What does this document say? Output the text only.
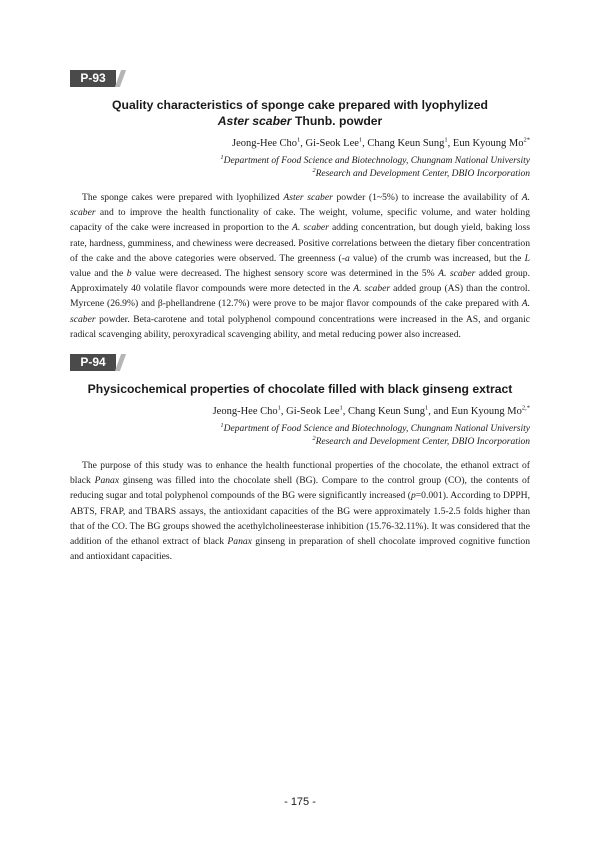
P-93

Quality characteristics of sponge cake prepared with lyophylized
Aster scaber Thunb. powder

Jeong-Hee Cho$^1$, Gi-Seok Lee$^1$, Chang Keun Sung$^1$, Eun Kyoung $Mo^{2*}$

$^1$Department of Food Science and Biotechnology, Chungnam National University

$^2$Research and Development Center, DBIO Incorporation

The sponge cakes were prepared with lyophilized Aster scaber powder (1~5%) to increase the availability of A. scaber and to improve the health functionality of cake. The weight, volume, specific volume, and water holding capacity of the cake were increased in proportion to the A. scaber adding concentration, but dough yield, baking loss rate, hardness, gumminess, and chewiness were decreased. Positive correlations between the dietary fiber concentration of the cake and the above categories were observed. The greenness (-a value) of the crumb was increased, but the L value and the b value were decreased. The highest sensory score was determined in the 5% A. scaber added group. Approximately 40 volatile flavor compounds were more detected in the A. scaber added group (AS) than the control. Myrcene (26.9%) and β-phellandrene (12.7%) were prove to be major flavor compounds of the cake prepared with A. scaber powder. Beta-carotene and total polyphenol compound concentrations were increased in the AS, and organic radical scavenging ability, peroxyradical scavenging ability, and metal reducing power also increased.

P-94

Physicochemical properties of chocolate filled with black ginseng extract

Jeong-Hee Cho$^1$, Gi-Seok Lee$^1$, Chang Keun Sung$^1$, and Eun Kyoung $Mo^{2,*}$

$^1$Department of Food Science and Biotechnology, Chungnam National University

$^2$Research and Development Center, DBIO Incorporation

The purpose of this study was to enhance the health functional properties of the chocolate, the ethanol extract of black Panax ginseng was filled into the chocolate shell (BG). Compare to the control group (CO), the contents of reducing sugar and total polyphenol compounds of the BG were significantly increased (p=0.001). According to DPPH, ABTS, FRAP, and TBARS assays, the antioxidant capacities of the BG were approximately 1.5-2.5 folds higher than that of the CO. The BG groups showed the acethylcholineesterase inhibition (15.76-32.11%). It was considered that the addition of the ethanol extract of black Panax ginseng in preparation of shell chocolate improved cognitive function and antioxidant capacities.

- 175 -
